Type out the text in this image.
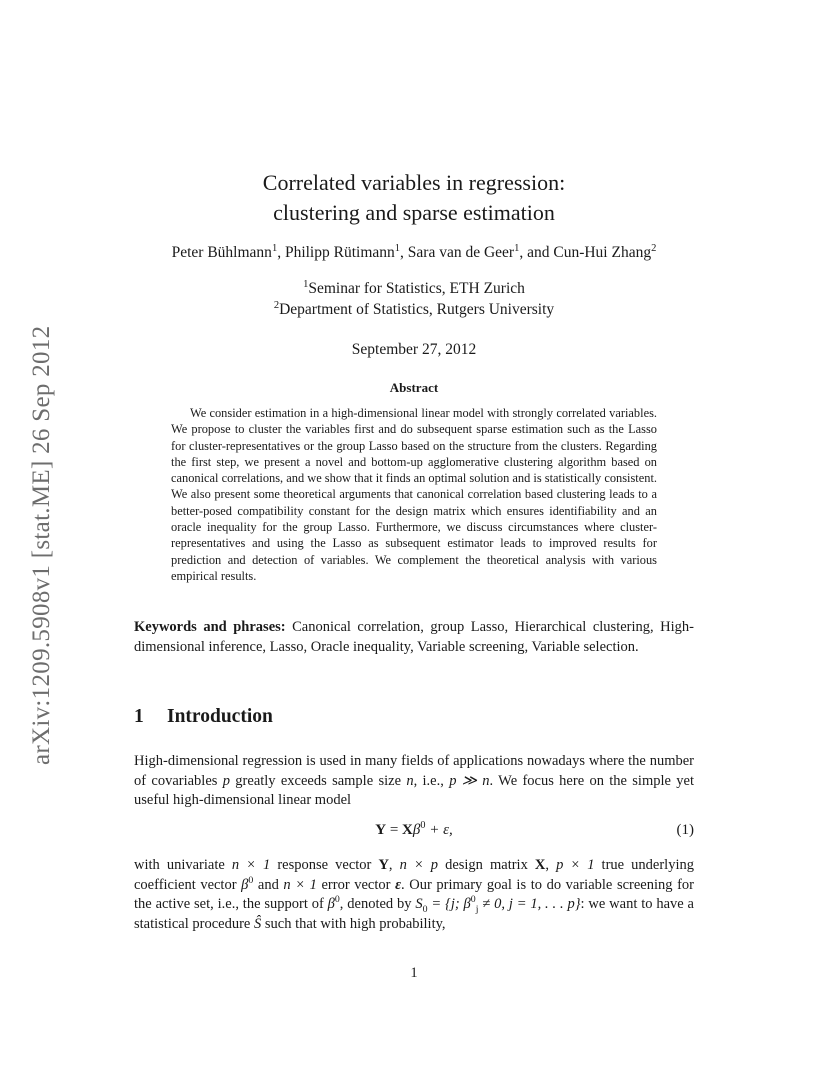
arXiv:1209.5908v1 [stat.ME] 26 Sep 2012
Correlated variables in regression:
clustering and sparse estimation
Peter Bühlmann$^1$, Philipp Rütimann$^1$, Sara van de Geer$^1$, and Cun-Hui Zhang$^2$
$^1$Seminar for Statistics, ETH Zurich
$^2$Department of Statistics, Rutgers University
September 27, 2012
Abstract
We consider estimation in a high-dimensional linear model with strongly correlated variables. We propose to cluster the variables first and do subsequent sparse estimation such as the Lasso for cluster-representatives or the group Lasso based on the structure from the clusters. Regarding the first step, we present a novel and bottom-up agglomerative clustering algorithm based on canonical correlations, and we show that it finds an optimal solution and is statistically consistent. We also present some theoretical arguments that canonical correlation based clustering leads to a better-posed compatibility constant for the design matrix which ensures identifiability and an oracle inequality for the group Lasso. Furthermore, we discuss circumstances where cluster-representatives and using the Lasso as subsequent estimator leads to improved results for prediction and detection of variables. We complement the theoretical analysis with various empirical results.
Keywords and phrases: Canonical correlation, group Lasso, Hierarchical clustering, High-dimensional inference, Lasso, Oracle inequality, Variable screening, Variable selection.
1 Introduction
High-dimensional regression is used in many fields of applications nowadays where the number of covariables p greatly exceeds sample size n, i.e., p ≫ n. We focus here on the simple yet useful high-dimensional linear model
$Y = X\beta^0 + \varepsilon$,	(1)
with univariate n × 1 response vector Y, n × p design matrix X, p × 1 true underlying coefficient vector $\beta^0$ and n × 1 error vector ε. Our primary goal is to do variable screening for the active set, i.e., the support of $\beta^0$, denoted by $S_0 = \{j$; $\beta^0_j \ne 0$, j = 1, . . . p}: we want to have a statistical procedure Ŝ such that with high probability,
1
